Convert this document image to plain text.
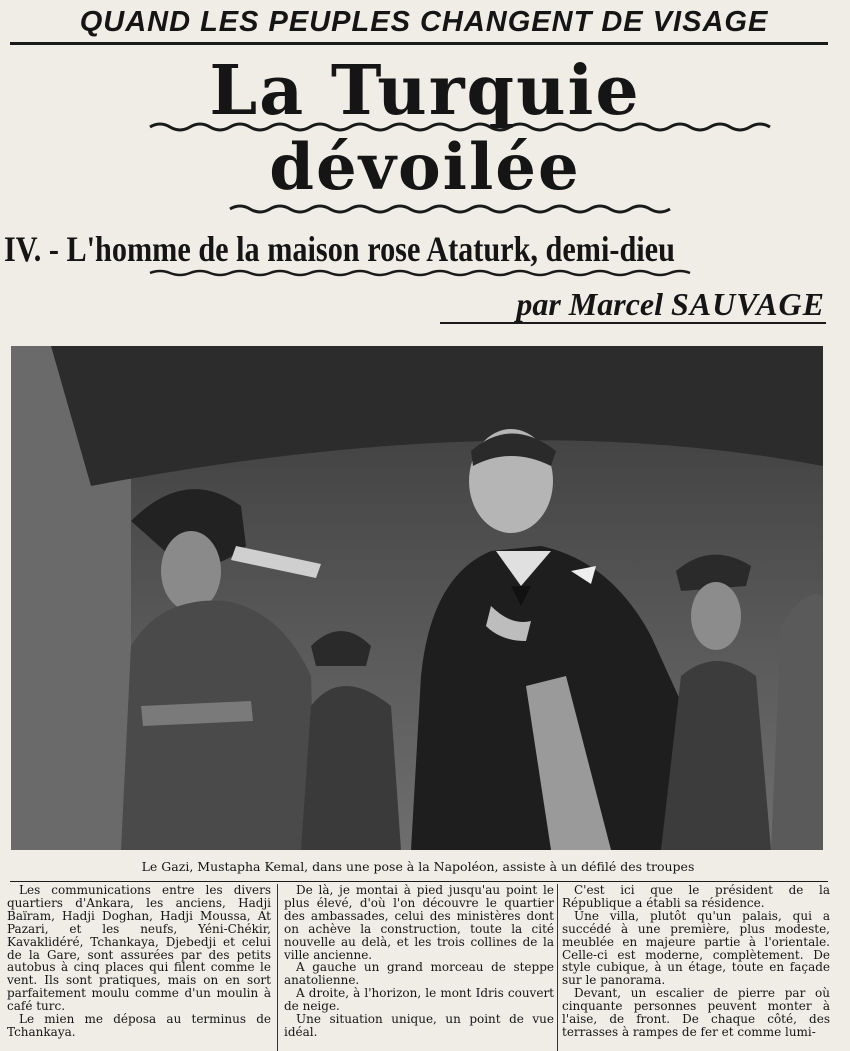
QUAND LES PEUPLES CHANGENT DE VISAGE
La Turquie
dévoilée
IV. - L'homme de la maison rose Ataturk, demi-dieu
par Marcel SAUVAGE
Le Gazi, Mustapha Kemal, dans une pose à la Napoléon, assiste à un défilé des troupes

Les communications entre les divers quartiers d'Ankara, les anciens, Hadji Baïram, Hadji Doghan, Hadji Moussa, At Pazari, et les neufs, Yéni-Chékir, Kavaklidéré, Tchankaya, Djebedji et celui de la Gare, sont assurées par des petits autobus à cinq places qui filent comme le vent. Ils sont pratiques, mais on en sort parfaitement moulu comme d'un moulin à café turc.

Le mien me déposa au terminus de Tchankaya.

De là, je montai à pied jusqu'au point le plus élevé, d'où l'on découvre le quartier des ambassades, celui des ministères dont on achève la construction, toute la cité nouvelle au delà, et les trois collines de la ville ancienne.

A gauche un grand morceau de steppe anatolienne.

A droite, à l'horizon, le mont Idris couvert de neige.

Une situation unique, un point de vue idéal.

C'est ici que le président de la République a établi sa résidence.

Une villa, plutôt qu'un palais, qui a succédé à une première, plus modeste, meublée en majeure partie à l'orientale. Celle-ci est moderne, complètement. De style cubique, à un étage, toute en façade sur le panorama.

Devant, un escalier de pierre par où cinquante personnes peuvent monter à l'aise, de front. De chaque côté, des terrasses à rampes de fer et comme lumi-
